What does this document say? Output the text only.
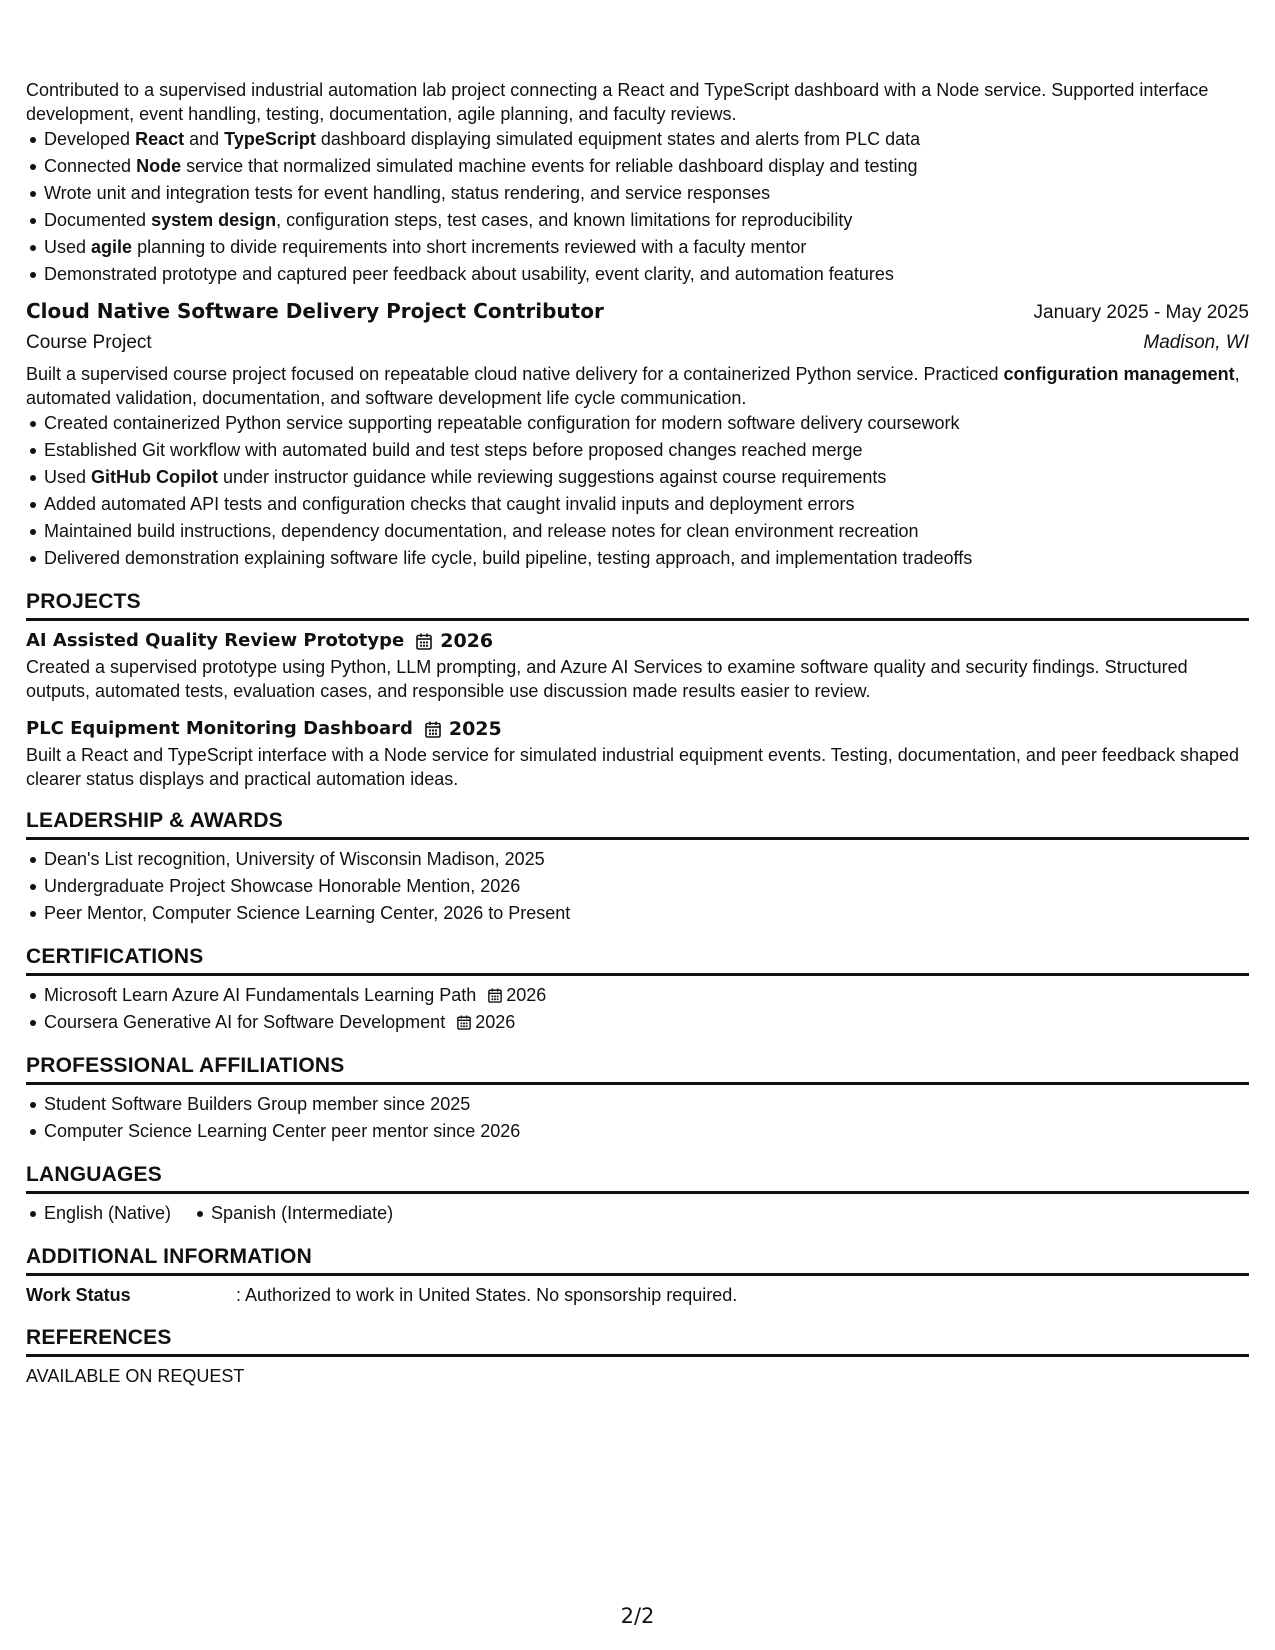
Contributed to a supervised industrial automation lab project connecting a React and TypeScript dashboard with a Node service. Supported interface development, event handling, testing, documentation, agile planning, and faculty reviews.

Developed React and TypeScript dashboard displaying simulated equipment states and alerts from PLC data
Connected Node service that normalized simulated machine events for reliable dashboard display and testing
Wrote unit and integration tests for event handling, status rendering, and service responses
Documented system design, configuration steps, test cases, and known limitations for reproducibility
Used agile planning to divide requirements into short increments reviewed with a faculty mentor
Demonstrated prototype and captured peer feedback about usability, event clarity, and automation features
Cloud Native Software Delivery Project Contributor	January 2025 - May 2025
Course Project	Madison, WI

Built a supervised course project focused on repeatable cloud native delivery for a containerized Python service. Practiced configuration management, automated validation, documentation, and software development life cycle communication.

Created containerized Python service supporting repeatable configuration for modern software delivery coursework
Established Git workflow with automated build and test steps before proposed changes reached merge
Used GitHub Copilot under instructor guidance while reviewing suggestions against course requirements
Added automated API tests and configuration checks that caught invalid inputs and deployment errors
Maintained build instructions, dependency documentation, and release notes for clean environment recreation
Delivered demonstration explaining software life cycle, build pipeline, testing approach, and implementation tradeoffs
PROJECTS
AI Assisted Quality Review Prototype 2026

Created a supervised prototype using Python, LLM prompting, and Azure AI Services to examine software quality and security findings. Structured outputs, automated tests, evaluation cases, and responsible use discussion made results easier to review.

PLC Equipment Monitoring Dashboard 2025

Built a React and TypeScript interface with a Node service for simulated industrial equipment events. Testing, documentation, and peer feedback shaped clearer status displays and practical automation ideas.

LEADERSHIP & AWARDS
Dean's List recognition, University of Wisconsin Madison, 2025
Undergraduate Project Showcase Honorable Mention, 2026
Peer Mentor, Computer Science Learning Center, 2026 to Present
CERTIFICATIONS
Microsoft Learn Azure AI Fundamentals Learning Path 2026
Coursera Generative AI for Software Development 2026
PROFESSIONAL AFFILIATIONS
Student Software Builders Group member since 2025
Computer Science Learning Center peer mentor since 2026
LANGUAGES
English (Native) Spanish (Intermediate)
ADDITIONAL INFORMATION
Work Status	: Authorized to work in United States. No sponsorship required.
REFERENCES
AVAILABLE ON REQUEST
2/2
